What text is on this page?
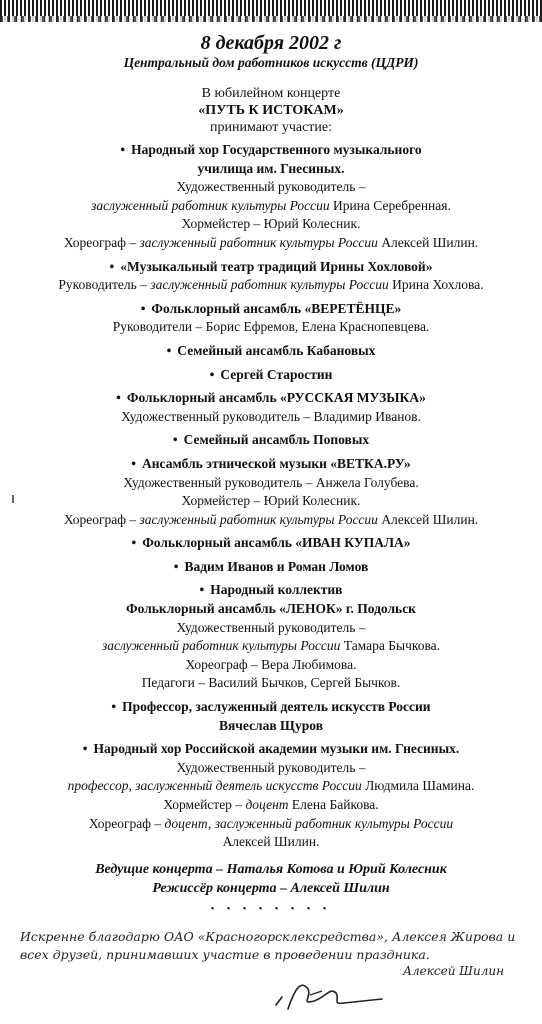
8 декабря 2002 г
Центральный дом работников искусств (ЦДРИ)
В юбилейном концерте
«ПУТЬ К ИСТОКАМ»
принимают участие:
• Народный хор Государственного музыкального
училища им. Гнесиных.
Художественный руководитель –
заслуженный работник культуры России Ирина Серебренная.
Хормейстер – Юрий Колесник.
Хореограф – заслуженный работник культуры России Алексей Шилин.
• «Музыкальный театр традиций Ирины Хохловой»
Руководитель – заслуженный работник культуры России Ирина Хохлова.
• Фольклорный ансамбль «ВЕРЕТЁНЦЕ»
Руководители – Борис Ефремов, Елена Краснопевцева.
• Семейный ансамбль Кабановых
• Сергей Старостин
• Фольклорный ансамбль «РУССКАЯ МУЗЫКА»
Художественный руководитель – Владимир Иванов.
• Семейный ансамбль Поповых
• Ансамбль этнической музыки «ВЕТКА.РУ»
Художественный руководитель – Анжела Голубева.
Хормейстер – Юрий Колесник.
Хореограф – заслуженный работник культуры России Алексей Шилин.
• Фольклорный ансамбль «ИВАН КУПАЛА»
• Вадим Иванов и Роман Ломов
• Народный коллектив
Фольклорный ансамбль «ЛЕНОК» г. Подольск
Художественный руководитель –
заслуженный работник культуры России Тамара Бычкова.
Хореограф – Вера Любимова.
Педагоги – Василий Бычков, Сергей Бычков.
• Профессор, заслуженный деятель искусств России
Вячеслав Щуров
• Народный хор Российской академии музыки им. Гнесиных.
Художественный руководитель –
профессор, заслуженный деятель искусств России Людмила Шамина.
Хормейстер – доцент Елена Байкова.
Хореограф – доцент, заслуженный работник культуры России
Алексей Шилин.
Ведущие концерта – Наталья Котова и Юрий Колесник
Режиссёр концерта – Алексей Шилин
• • • • • • • •
Искренне благодарю ОАО «Красногорсклексредства», Алексея Жирова и всех друзей, принимавших участие в проведении праздника.
Алексей Шилин
